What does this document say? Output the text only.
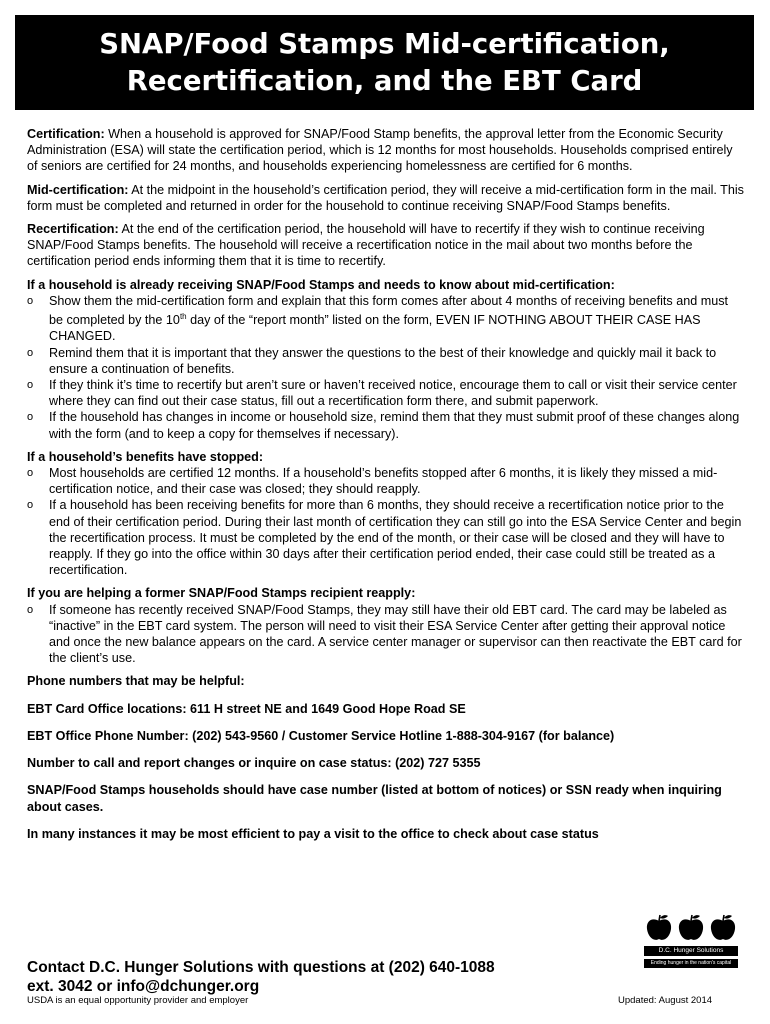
SNAP/Food Stamps Mid-certification,
Recertification, and the EBT Card

Certification: When a household is approved for SNAP/Food Stamp benefits, the approval letter from the Economic Security Administration (ESA) will state the certification period, which is 12 months for most households. Households comprised entirely of seniors are certified for 24 months, and households experiencing homelessness are certified for 6 months.

Mid-certification: At the midpoint in the household’s certification period, they will receive a mid-certification form in the mail. This form must be completed and returned in order for the household to continue receiving SNAP/Food Stamps benefits.

Recertification: At the end of the certification period, the household will have to recertify if they wish to continue receiving SNAP/Food Stamps benefits. The household will receive a recertification notice in the mail about two months before the certification period ends informing them that it is time to recertify.

If a household is already receiving SNAP/Food Stamps and needs to know about mid-certification:

o Show them the mid-certification form and explain that this form comes after about 4 months of receiving benefits and must be completed by the 10th day of the “report month” listed on the form, EVEN IF NOTHING ABOUT THEIR CASE HAS CHANGED.
o Remind them that it is important that they answer the questions to the best of their knowledge and quickly mail it back to ensure a continuation of benefits.
o If they think it’s time to recertify but aren’t sure or haven’t received notice, encourage them to call or visit their service center where they can find out their case status, fill out a recertification form there, and submit paperwork.
o If the household has changes in income or household size, remind them that they must submit proof of these changes along with the form (and to keep a copy for themselves if necessary).

If a household’s benefits have stopped:

o Most households are certified 12 months. If a household’s benefits stopped after 6 months, it is likely they missed a mid-certification notice, and their case was closed; they should reapply.
o If a household has been receiving benefits for more than 6 months, they should receive a recertification notice prior to the end of their certification period. During their last month of certification they can still go into the ESA Service Center and begin the recertification process. It must be completed by the end of the month, or their case will be closed and they will have to reapply. If they go into the office within 30 days after their certification period ended, their case could still be treated as a recertification.

If you are helping a former SNAP/Food Stamps recipient reapply:

o If someone has recently received SNAP/Food Stamps, they may still have their old EBT card. The card may be labeled as “inactive” in the EBT card system. The person will need to visit their ESA Service Center after getting their approval notice and once the new balance appears on the card. A service center manager or supervisor can then reactivate the EBT card for the client’s use.

Phone numbers that may be helpful:

EBT Card Office locations: 611 H street NE and 1649 Good Hope Road SE

EBT Office Phone Number: (202) 543-9560 / Customer Service Hotline 1-888-304-9167 (for balance)

Number to call and report changes or inquire on case status: (202) 727 5355

SNAP/Food Stamps households should have case number (listed at bottom of notices) or SSN ready when inquiring about cases.

In many instances it may be most efficient to pay a visit to the office to check about case status

Contact D.C. Hunger Solutions with questions at (202) 640-1088
ext. 3042 or info@dchunger.org
USDA is an equal opportunity provider and employer	Updated: August 2014
D.C. Hunger Solutions
Ending hunger in the nation's capital
